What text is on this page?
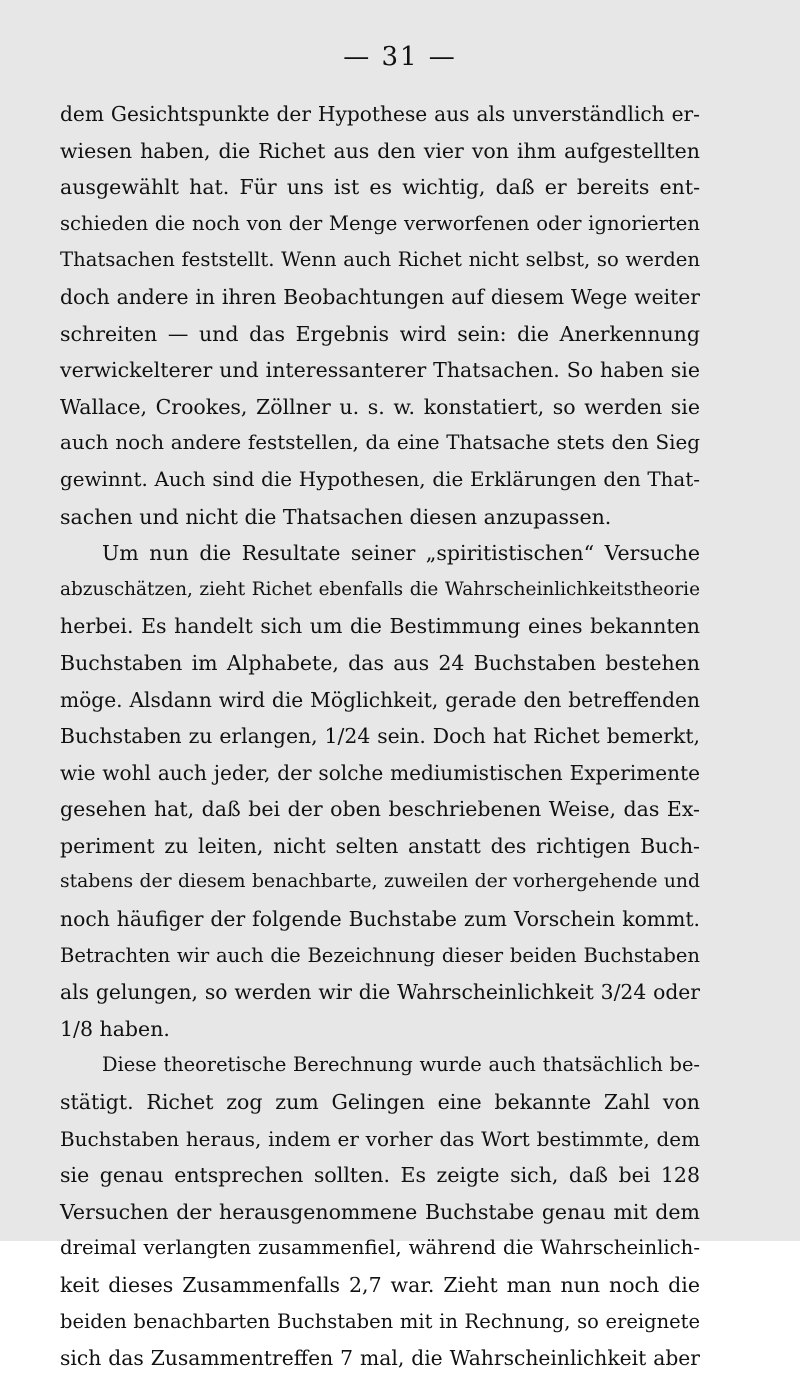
— 31 —
dem Gesichtspunkte der Hypothese aus als unverständlich er-
wiesen haben, die Richet aus den vier von ihm aufgestellten
ausgewählt hat. Für uns ist es wichtig, daß er bereits ent-
schieden die noch von der Menge verworfenen oder ignorierten
Thatsachen feststellt. Wenn auch Richet nicht selbst, so werden
doch andere in ihren Beobachtungen auf diesem Wege weiter
schreiten — und das Ergebnis wird sein: die Anerkennung
verwickelterer und interessanterer Thatsachen. So haben sie
Wallace, Crookes, Zöllner u. s. w. konstatiert, so werden sie
auch noch andere feststellen, da eine Thatsache stets den Sieg
gewinnt. Auch sind die Hypothesen, die Erklärungen den That-
sachen und nicht die Thatsachen diesen anzupassen.
Um nun die Resultate seiner „spiritistischen“ Versuche
abzuschätzen, zieht Richet ebenfalls die Wahrscheinlichkeitstheorie
herbei. Es handelt sich um die Bestimmung eines bekannten
Buchstaben im Alphabete, das aus 24 Buchstaben bestehen
möge. Alsdann wird die Möglichkeit, gerade den betreffenden
Buchstaben zu erlangen, 1/24 sein. Doch hat Richet bemerkt,
wie wohl auch jeder, der solche mediumistischen Experimente
gesehen hat, daß bei der oben beschriebenen Weise, das Ex-
periment zu leiten, nicht selten anstatt des richtigen Buch-
stabens der diesem benachbarte, zuweilen der vorhergehende und
noch häufiger der folgende Buchstabe zum Vorschein kommt.
Betrachten wir auch die Bezeichnung dieser beiden Buchstaben
als gelungen, so werden wir die Wahrscheinlichkeit 3/24 oder
1/8 haben.
Diese theoretische Berechnung wurde auch thatsächlich be-
stätigt. Richet zog zum Gelingen eine bekannte Zahl von
Buchstaben heraus, indem er vorher das Wort bestimmte, dem
sie genau entsprechen sollten. Es zeigte sich, daß bei 128
Versuchen der herausgenommene Buchstabe genau mit dem
dreimal verlangten zusammenfiel, während die Wahrscheinlich-
keit dieses Zusammenfalls 2,7 war. Zieht man nun noch die
beiden benachbarten Buchstaben mit in Rechnung, so ereignete
sich das Zusammentreffen 7 mal, die Wahrscheinlichkeit aber
